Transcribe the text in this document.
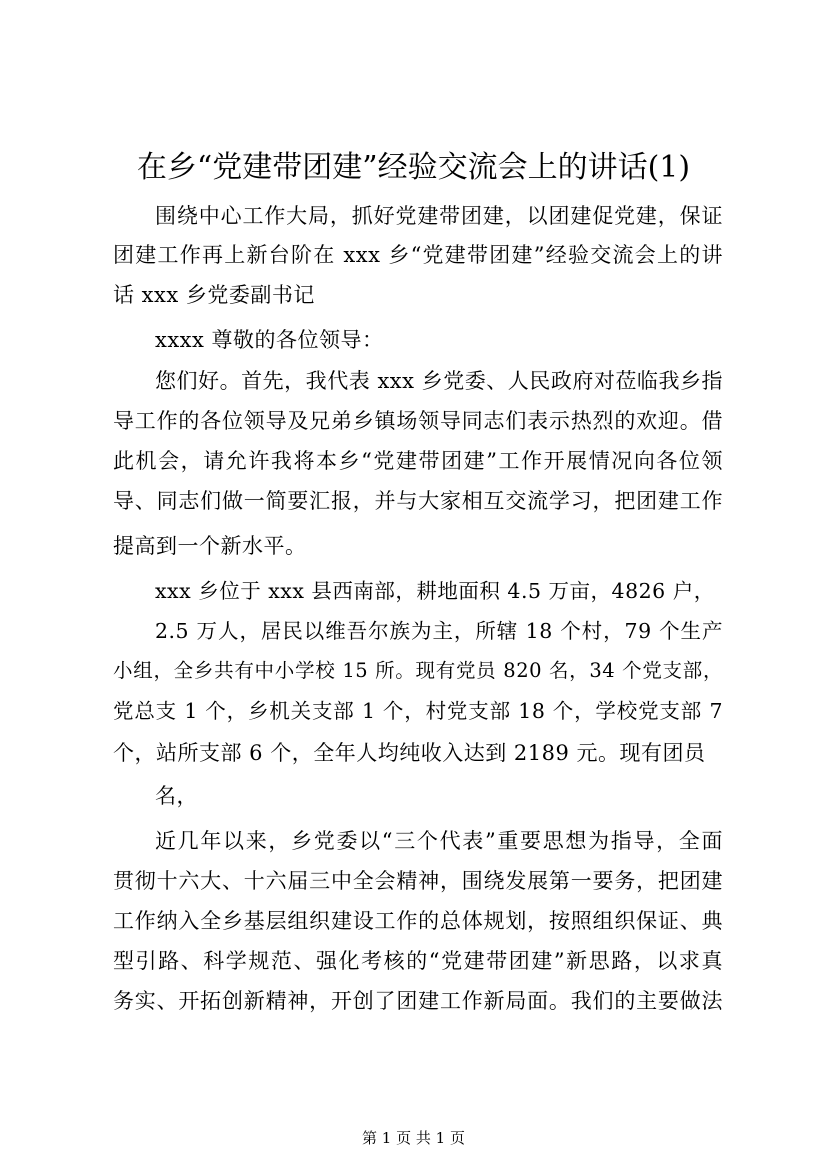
在乡“党建带团建”经验交流会上的讲话(1)
围绕中心工作大局，抓好党建带团建，以团建促党建，保证
团建工作再上新台阶在 xxx 乡“党建带团建”经验交流会上的讲
话 xxx 乡党委副书记
xxxx 尊敬的各位领导：
您们好。首先，我代表 xxx 乡党委、人民政府对莅临我乡指
导工作的各位领导及兄弟乡镇场领导同志们表示热烈的欢迎。借
此机会，请允许我将本乡“党建带团建”工作开展情况向各位领
导、同志们做一简要汇报，并与大家相互交流学习，把团建工作
提高到一个新水平。
xxx 乡位于 xxx 县西南部，耕地面积 4.5 万亩，4826 户，
2.5 万人，居民以维吾尔族为主，所辖 18 个村，79 个生产
小组，全乡共有中小学校 15 所。现有党员 820 名，34 个党支部，
党总支 1 个，乡机关支部 1 个，村党支部 18 个，学校党支部 7
个，站所支部 6 个，全年人均纯收入达到 2189 元。现有团员
名，
近几年以来，乡党委以“三个代表”重要思想为指导，全面
贯彻十六大、十六届三中全会精神，围绕发展第一要务，把团建
工作纳入全乡基层组织建设工作的总体规划，按照组织保证、典
型引路、科学规范、强化考核的“党建带团建”新思路，以求真
务实、开拓创新精神，开创了团建工作新局面。我们的主要做法
第 1 页 共 1 页
